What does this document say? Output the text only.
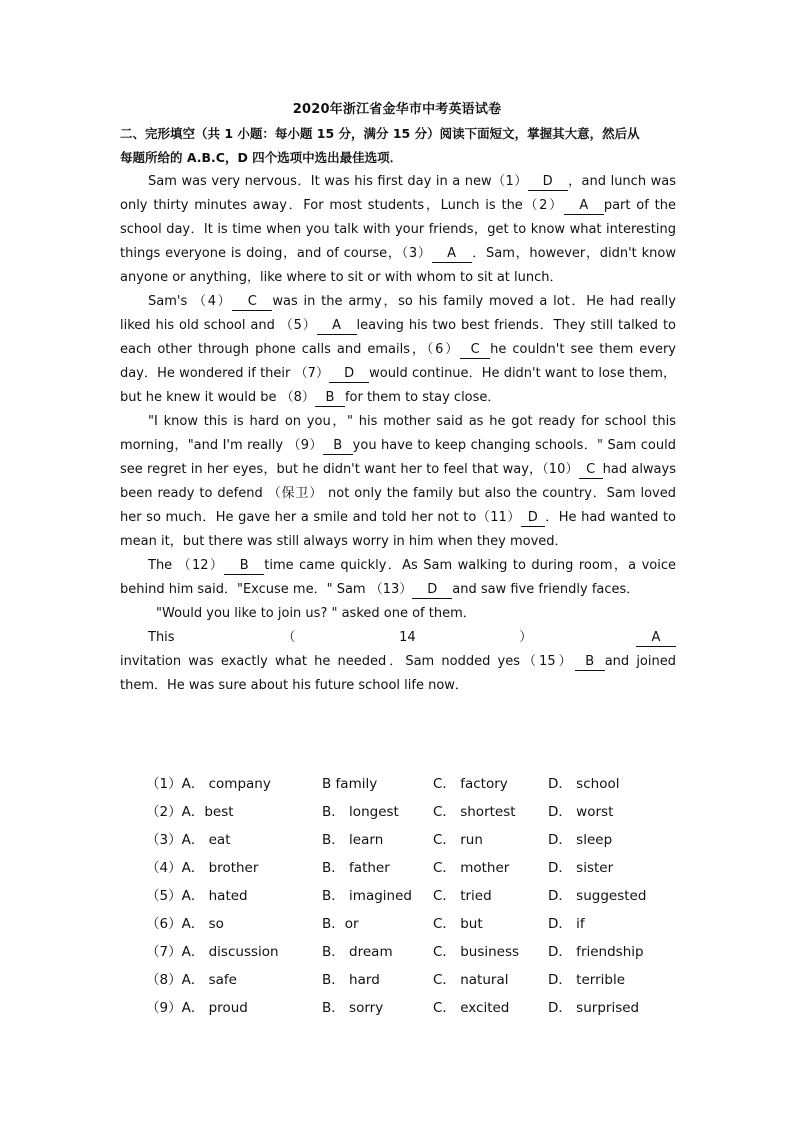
2020年浙江省金华市中考英语试卷

二、完形填空（共 1 小题：每小题 15 分，满分 15 分）阅读下面短文，掌握其大意，然后从

每题所给的 A.B.C，D 四个选项中选出最佳选项．

Sam was very nervous．It was his first day in a new（1） D ，and lunch was only thirty minutes away．For most students，Lunch is the（2） A part of the school day．It is time when you talk with your friends，get to know what interesting things everyone is doing，and of course，（3） A ．Sam，however，didn't know anyone or anything，like where to sit or with whom to sit at lunch．

Sam's （4） C was in the army，so his family moved a lot．He had really liked his old school and （5） A leaving his two best friends．They still talked to each other through phone calls and emails，（6） C he couldn't see them every day．He wondered if their （7） D would continue．He didn't want to lose them，but he knew it would be （8） B for them to stay close．

"I know this is hard on you，" his mother said as he got ready for school this morning，"and I'm really （9） B you have to keep changing schools．" Sam could see regret in her eyes，but he didn't want her to feel that way，（10） C had always been ready to defend （保卫） not only the family but also the country．Sam loved her so much．He gave her a smile and told her not to（11） D ．He had wanted to mean it，but there was still always worry in him when they moved．

The （12） B time came quickly．As Sam walking to during room，a voice behind him said．"Excuse me．" Sam （13） D and saw five friendly faces．

"Would you like to join us? " asked one of them．

This （14） Ainvitation was exactly what he needed．Sam nodded yes（15） B and joined them．He was sure about his future school life now．

（1）A． company	B family	C． factory	D． school
（2）A．best	B． longest	C． shortest	D． worst
（3）A． eat	B． learn	C． run	D． sleep
（4）A． brother	B． father	C． mother	D． sister
（5）A． hated	B． imagined	C． tried	D． suggested
（6）A． so	B．or	C． but	D． if
（7）A． discussion	B． dream	C． business	D． friendship
（8）A． safe	B． hard	C． natural	D． terrible
（9）A． proud	B． sorry	C． excited	D． surprised
